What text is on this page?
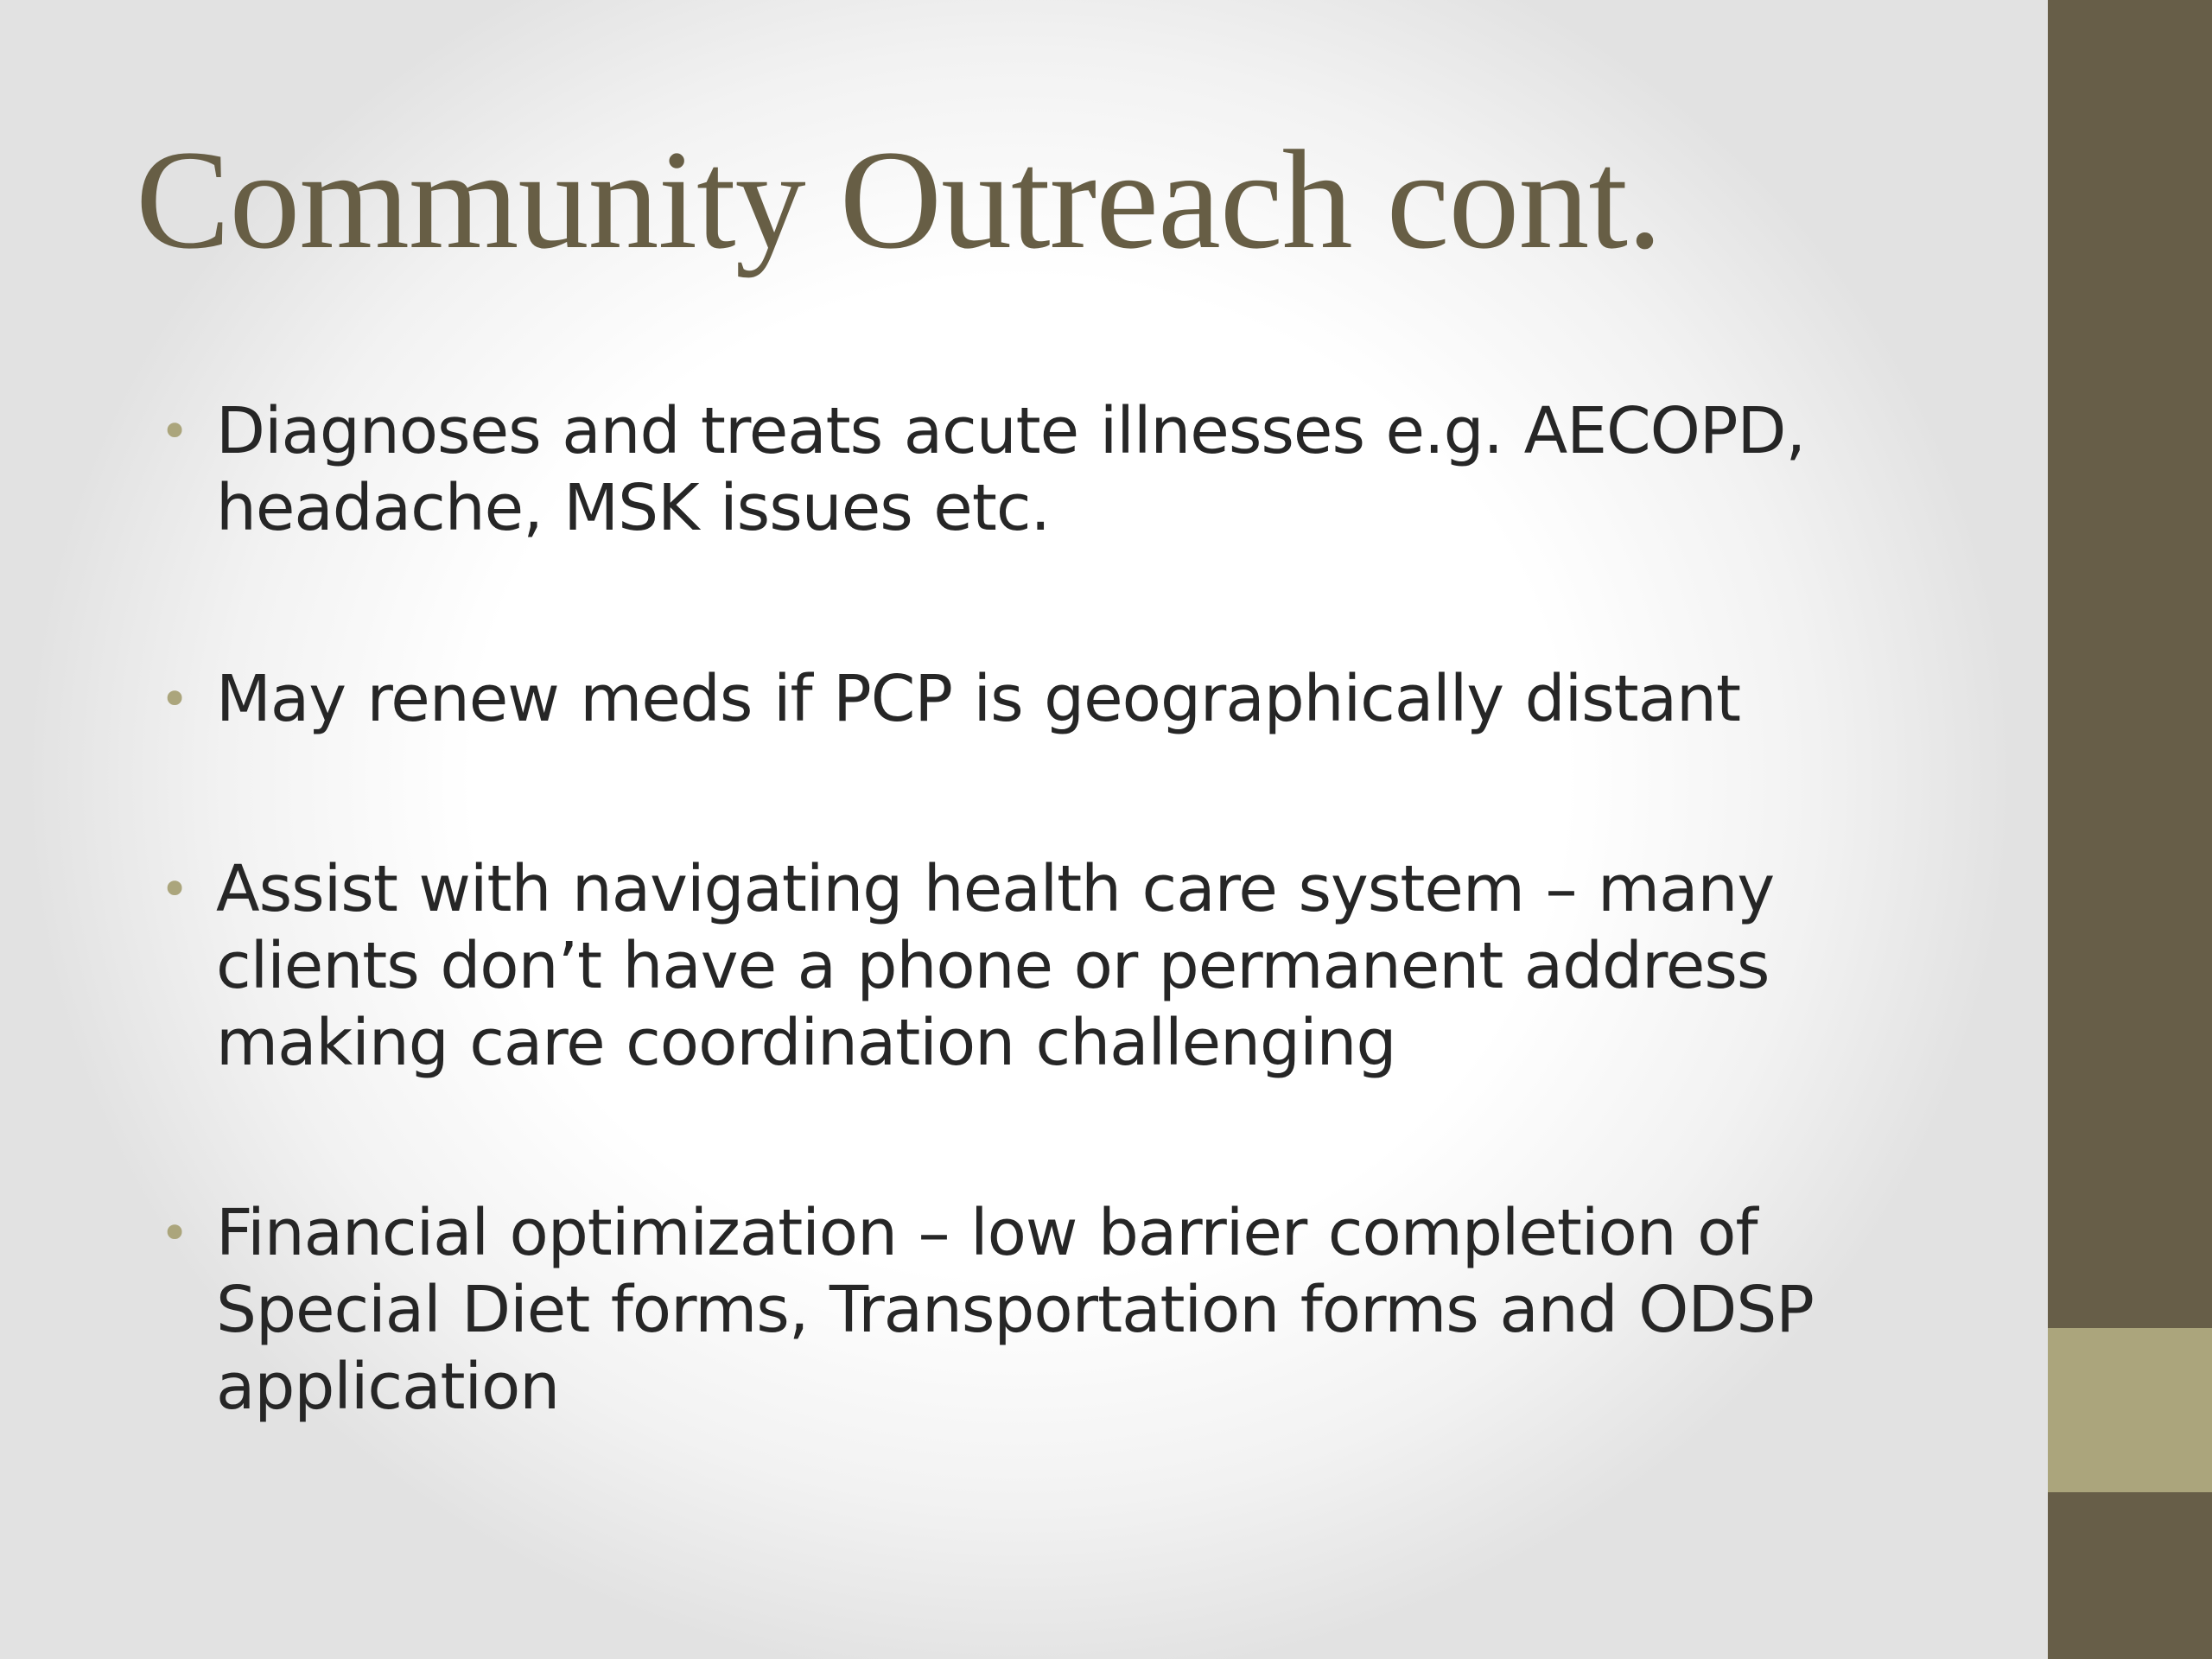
Community Outreach cont.
• Diagnoses and treats acute illnesses e.g. AECOPD,
headache, MSK issues etc.
• May renew meds if PCP is geographically distant
• Assist with navigating health care system – many
clients don’t have a phone or permanent address
making care coordination challenging
• Financial optimization – low barrier completion of
Special Diet forms, Transportation forms and ODSP
application
